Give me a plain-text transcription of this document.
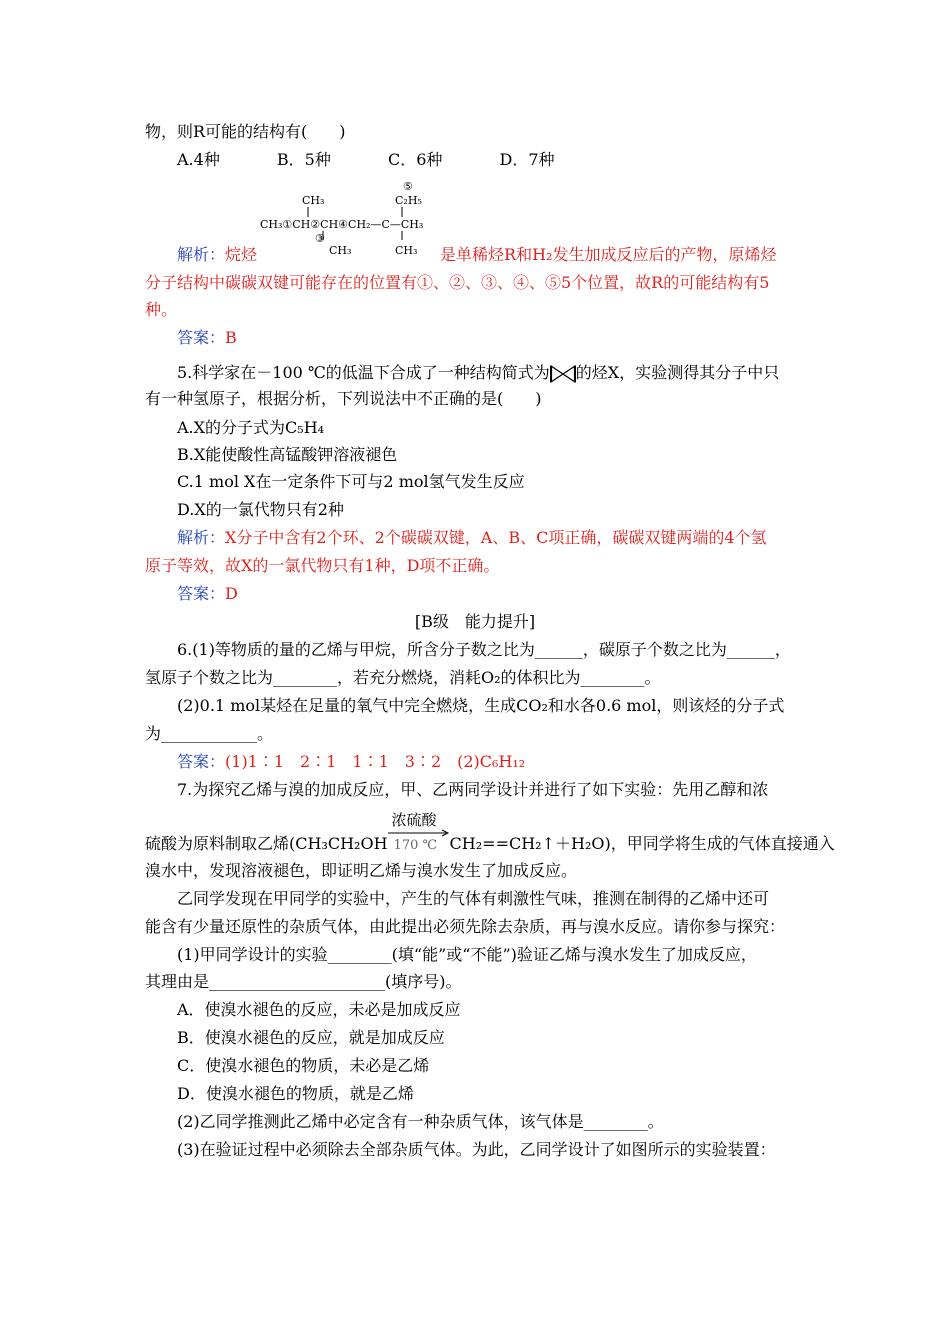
物，则R可能的结构有(　　)
A.4种	B．5种	C．6种	D．7种
⑤
CH₃	C₂H₅
CH₃①CH②CH④CH₂—C—CH₃
③
CH₃	CH₃
解析：烷烃	是单稀烃R和H₂发生加成反应后的产物，原烯烃
分子结构中碳碳双键可能存在的位置有①、②、③、④、⑤5个位置，故R的可能结构有5
种。
答案：B
5.科学家在－100 ℃的低温下合成了一种结构简式为 的烃X，实验测得其分子中只
有一种氢原子，根据分析，下列说法中不正确的是(　　)
A.X的分子式为C₅H₄
B.X能使酸性高锰酸钾溶液褪色
C.1 mol X在一定条件下可与2 mol氢气发生反应
D.X的一氯代物只有2种
解析：X分子中含有2个环、2个碳碳双键，A、B、C项正确，碳碳双键两端的4个氢
原子等效，故X的一氯代物只有1种，D项不正确。
答案：D
[B级　能力提升]
6.(1)等物质的量的乙烯与甲烷，所含分子数之比为______，碳原子个数之比为______，
氢原子个数之比为________，若充分燃烧，消耗O₂的体积比为________。
(2)0.1 mol某烃在足量的氧气中完全燃烧，生成CO₂和水各0.6 mol，则该烃的分子式
为____________。
答案：(1)1∶1　2∶1　1∶1　3∶2　(2)C₆H₁₂
7.为探究乙烯与溴的加成反应，甲、乙两同学设计并进行了如下实验：先用乙醇和浓
硫酸为原料制取乙烯(CH₃CH₂OH
浓硫酸
170 ℃ CH₂==CH₂↑＋H₂O)，甲同学将生成的气体直接通入
溴水中，发现溶液褪色，即证明乙烯与溴水发生了加成反应。
乙同学发现在甲同学的实验中，产生的气体有刺激性气味，推测在制得的乙烯中还可
能含有少量还原性的杂质气体，由此提出必须先除去杂质，再与溴水反应。请你参与探究：
(1)甲同学设计的实验________(填“能”或“不能”)验证乙烯与溴水发生了加成反应，
其理由是______________________(填序号)。
A．使溴水褪色的反应，未必是加成反应
B．使溴水褪色的反应，就是加成反应
C．使溴水褪色的物质，未必是乙烯
D．使溴水褪色的物质，就是乙烯
(2)乙同学推测此乙烯中必定含有一种杂质气体，该气体是________。
(3)在验证过程中必须除去全部杂质气体。为此，乙同学设计了如图所示的实验装置：
